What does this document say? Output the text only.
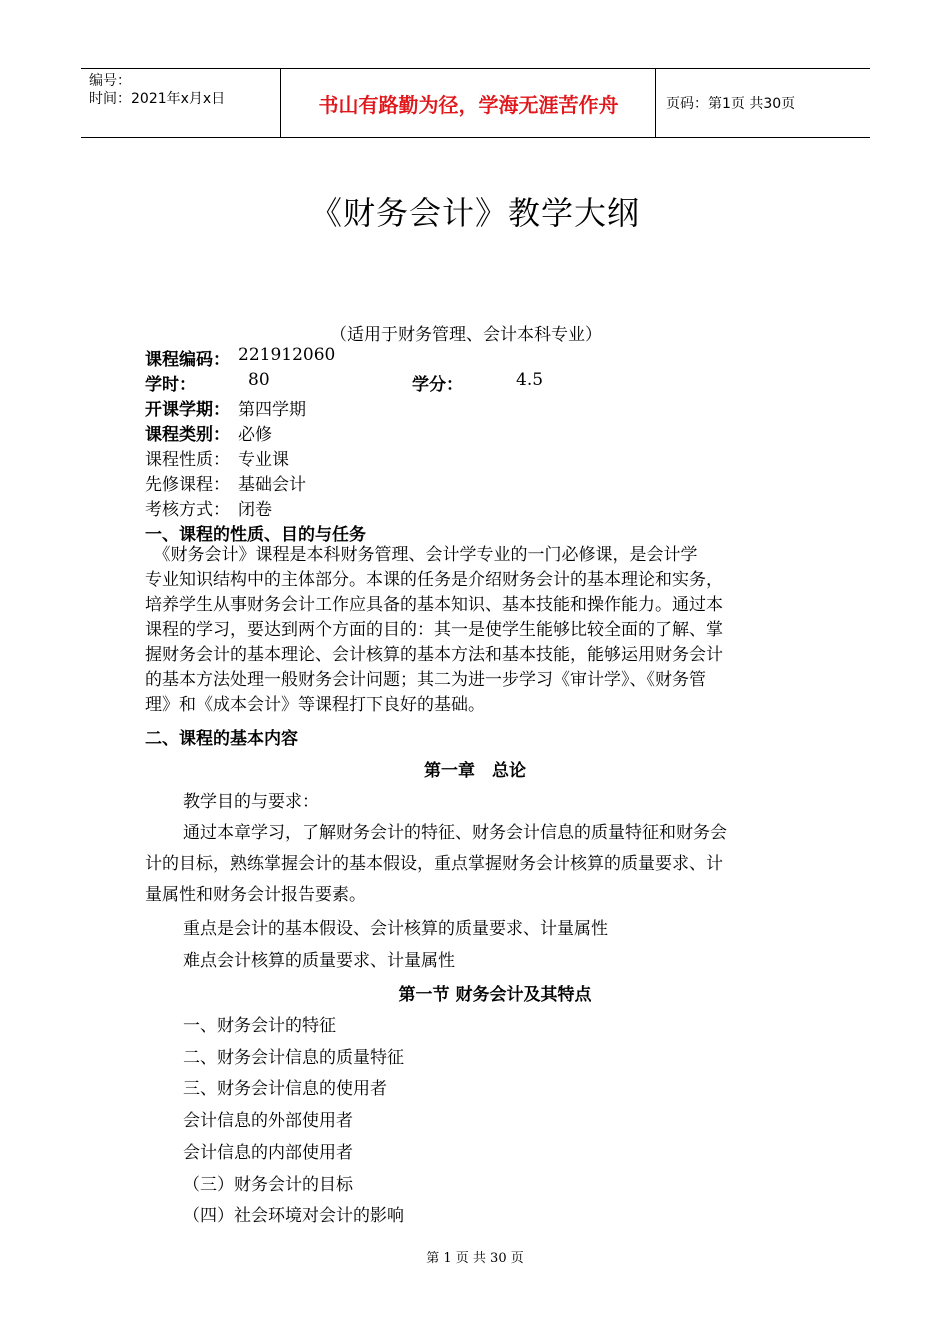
编号：
时间：2021年x月x日	书山有路勤为径，学海无涯苦作舟	页码：第1页 共30页
《财务会计》教学大纲
（适用于财务管理、会计本科专业）
课程编码： 221912060
学时：	80	学分：	4.5
开课学期： 第四学期
课程类别： 必修
课程性质： 专业课
先修课程： 基础会计
考核方式： 闭卷
一、课程的性质、目的与任务
　《财务会计》课程是本科财务管理、会计学专业的一门必修课，是会计学
专业知识结构中的主体部分。本课的任务是介绍财务会计的基本理论和实务，
培养学生从事财务会计工作应具备的基本知识、基本技能和操作能力。通过本
课程的学习，要达到两个方面的目的：其一是使学生能够比较全面的了解、掌
握财务会计的基本理论、会计核算的基本方法和基本技能，能够运用财务会计
的基本方法处理一般财务会计问题；其二为进一步学习《审计学》、《财务管
理》和《成本会计》等课程打下良好的基础。
二、课程的基本内容
第一章　总论
教学目的与要求：
通过本章学习，了解财务会计的特征、财务会计信息的质量特征和财务会
计的目标，熟练掌握会计的基本假设，重点掌握财务会计核算的质量要求、计
量属性和财务会计报告要素。
重点是会计的基本假设、会计核算的质量要求、计量属性
难点会计核算的质量要求、计量属性
第一节 财务会计及其特点
一、财务会计的特征
二、财务会计信息的质量特征
三、财务会计信息的使用者
会计信息的外部使用者
会计信息的内部使用者
（三）财务会计的目标
（四）社会环境对会计的影响
第 1 页 共 30 页
